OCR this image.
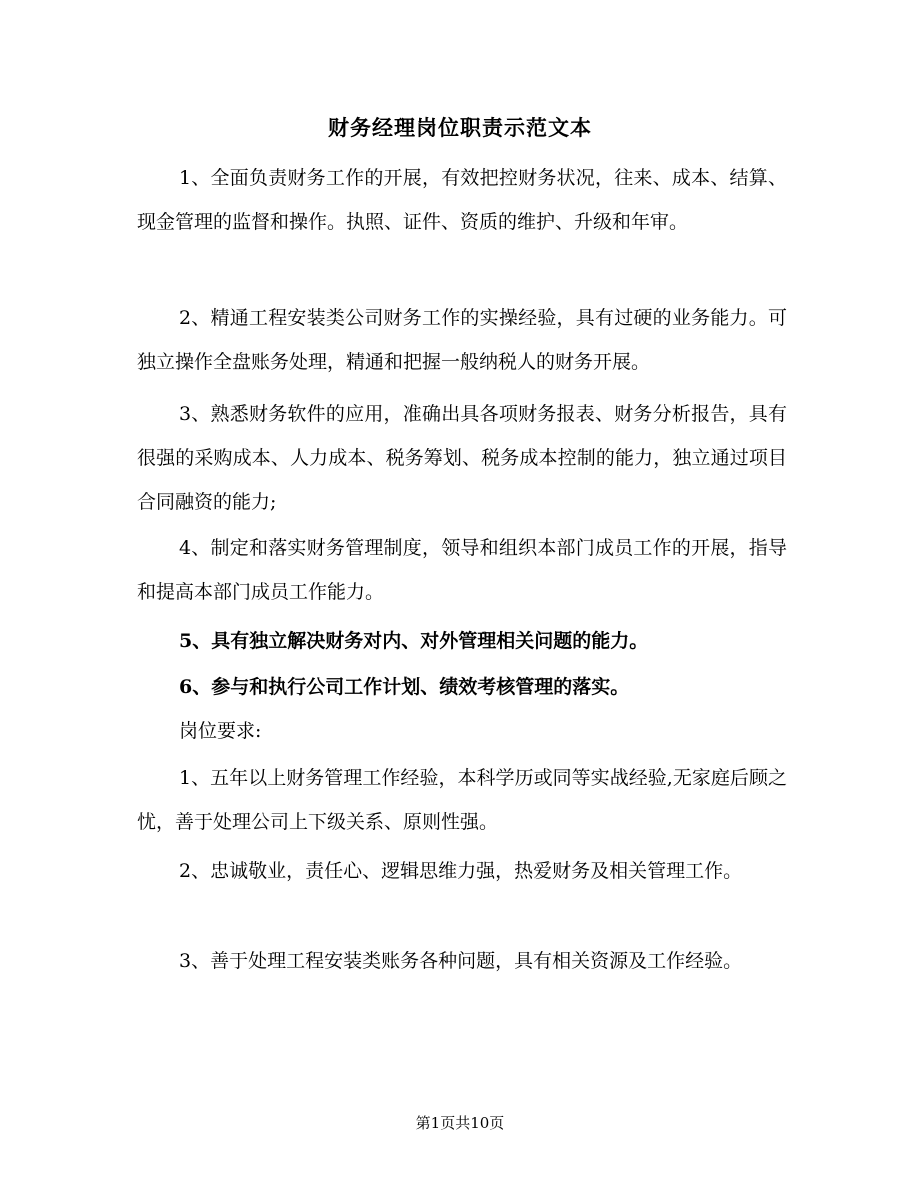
财务经理岗位职责示范文本

1、全面负责财务工作的开展，有效把控财务状况，往来、成本、结算、现金管理的监督和操作。执照、证件、资质的维护、升级和年审。

2、精通工程安装类公司财务工作的实操经验，具有过硬的业务能力。可独立操作全盘账务处理，精通和把握一般纳税人的财务开展。

3、熟悉财务软件的应用，准确出具各项财务报表、财务分析报告，具有很强的采购成本、人力成本、税务筹划、税务成本控制的能力，独立通过项目合同融资的能力;

4、制定和落实财务管理制度，领导和组织本部门成员工作的开展，指导和提高本部门成员工作能力。

5、具有独立解决财务对内、对外管理相关问题的能力。

6、参与和执行公司工作计划、绩效考核管理的落实。

岗位要求:

1、五年以上财务管理工作经验，本科学历或同等实战经验,无家庭后顾之忧，善于处理公司上下级关系、原则性强。

2、忠诚敬业，责任心、逻辑思维力强，热爱财务及相关管理工作。

3、善于处理工程安装类账务各种问题，具有相关资源及工作经验。

第1页共10页
